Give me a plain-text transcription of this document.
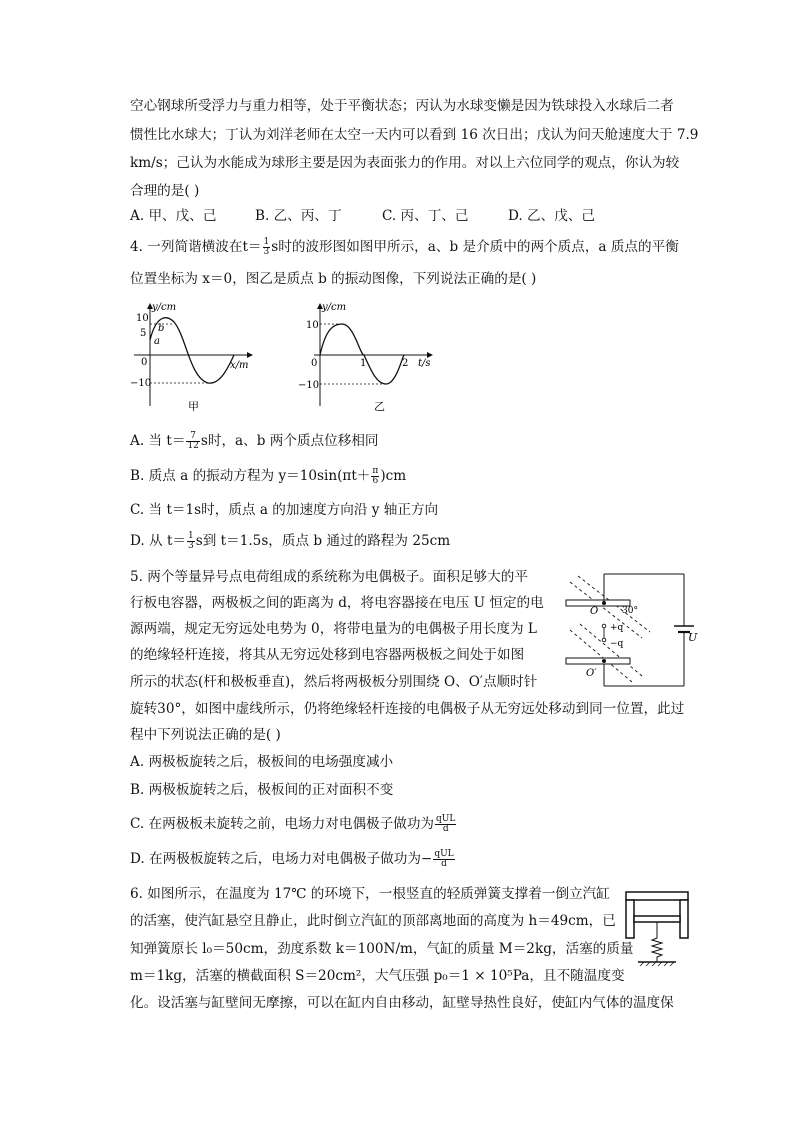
空心钢球所受浮力与重力相等，处于平衡状态；丙认为水球变懒是因为铁球投入水球后二者
惯性比水球大；丁认为刘洋老师在太空一天内可以看到 16 次日出；戊认为问天舱速度大于 7.9
km/s；己认为水能成为球形主要是因为表面张力的作用。对以上六位同学的观点，你认为较
合理的是( )
A. 甲、戊、己	B. 乙、丙、丁	C. 丙、丁、己	D. 乙、戊、己
4. 一列简谐横波在$t= \frac{1}{3}$ s时的波形图如图甲所示，a、b 是介质中的两个质点，a 质点的平衡
位置坐标为 x＝0，图乙是质点 b 的振动图像，下列说法正确的是( )
y/cm
x/m
10
5
0
−10
a
b
甲
y/cm
t/s
10
0
−10
1	2
乙
A. 当 $t= \frac{7}{12}$ s时，a、b 两个质点位移相同
B. 质点 a 的振动方程为 $y=10\sin(\pi t+ \frac{\pi}{6} )cm$
C. 当 t＝1s时，质点 a 的加速度方向沿 y 轴正方向
D. 从 $t= \frac{1}{3}$ s到 t＝1.5s，质点 b 通过的路程为 25cm
5. 两个等量异号点电荷组成的系统称为电偶极子。面积足够大的平
行板电容器，两极板之间的距离为 d，将电容器接在电压 U 恒定的电
源两端，规定无穷远处电势为 0，将带电量为的电偶极子用长度为 L
的绝缘轻杆连接，将其从无穷远处移到电容器两极板之间处于如图
所示的状态(杆和极板垂直)，然后将两极板分别围绕 O、O′点顺时针
旋转30°，如图中虚线所示，仍将绝缘轻杆连接的电偶极子从无穷远处移动到同一位置，此过
程中下列说法正确的是( )
O
O′
30°
+q
−q	U
A. 两极板旋转之后，极板间的电场强度减小
B. 两极板旋转之后，极板间的正对面积不变
C. 在两极板未旋转之前，电场力对电偶极子做功为 $\frac{\text{qUL}}{d}$
D. 在两极板旋转之后，电场力对电偶极子做功为− $\frac{\text{qUL}}{d}$
6. 如图所示，在温度为 17℃ 的环境下，一根竖直的轻质弹簧支撑着一倒立汽缸
的活塞，使汽缸悬空且静止，此时倒立汽缸的顶部离地面的高度为 h＝49cm，已
知弹簧原长 l₀＝50cm，劲度系数 k＝100N/m，气缸的质量 M＝2kg，活塞的质量
m＝1kg，活塞的横截面积 S＝20cm²，大气压强 p₀＝1 × 10⁵Pa，且不随温度变
化。设活塞与缸壁间无摩擦，可以在缸内自由移动，缸壁导热性良好，使缸内气体的温度保
